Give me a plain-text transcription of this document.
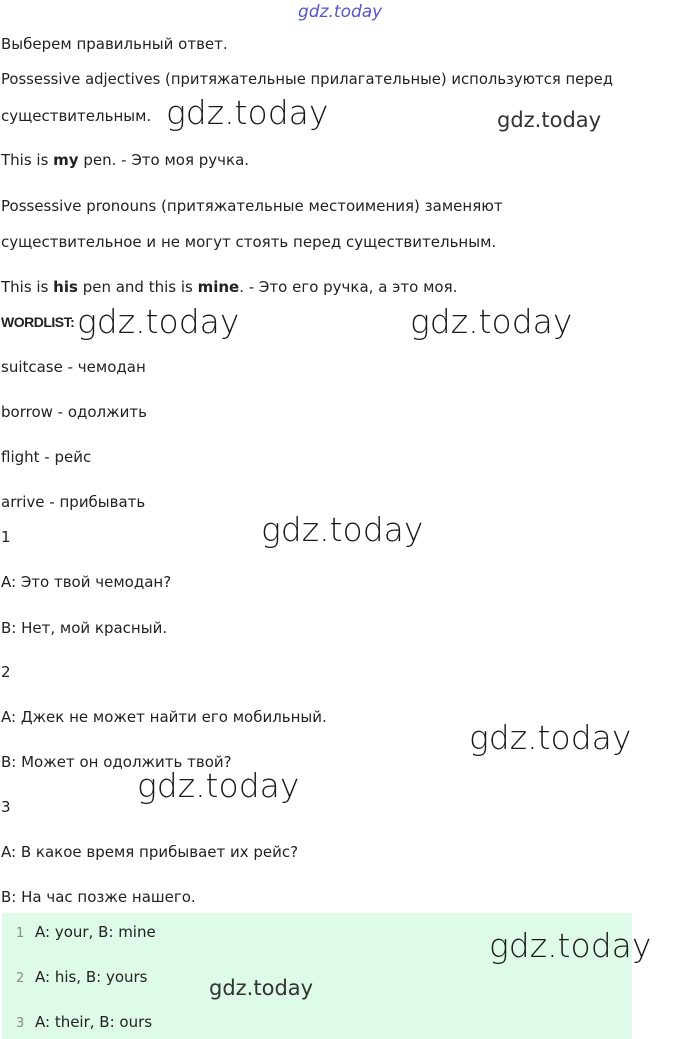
gdz.today
Выберем правильный ответ.
Possessive adjectives (притяжательные прилагательные) используются перед
существительным.
This is my pen. - Это моя ручка.
Possessive pronouns (притяжательные местоимения) заменяют
существительное и не могут стоять перед существительным.
This is his pen and this is mine. - Это его ручка, а это моя.
WORDLIST:
suitcase - чемодан
borrow - одолжить
flight - рейс
arrive - прибывать
1
A: Это твой чемодан?
B: Нет, мой красный.
2
A: Джек не может найти его мобильный.
B: Может он одолжить твой?
3
A: В какое время прибывает их рейс?
B: На час позже нашего.
1 A: your, B: mine
2 A: his, B: yours
3 A: their, B: ours
gdz.today	gdz.today
gdz.today	gdz.today
gdz.today
gdz.today
gdz.today
gdz.today
gdz.today
